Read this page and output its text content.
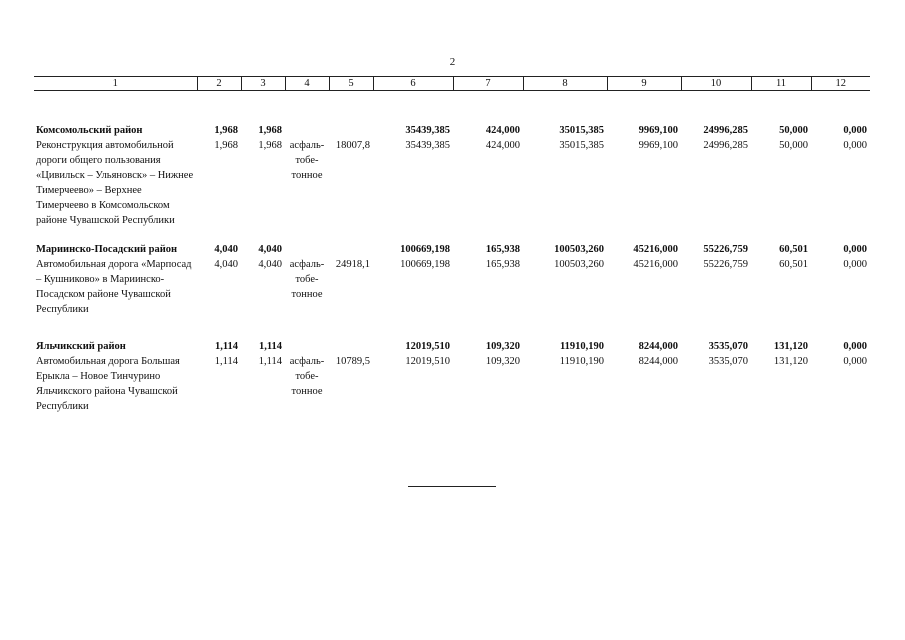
2
1	2	3	4	5	6	7	8	9	10	11	12

Комсомольский район	1,968	1,968			35439,385	424,000	35015,385	9969,100	24996,285	50,000	0,000
Реконструкция автомобильной дороги общего пользования «Цивильск – Ульяновск» – Нижнее Тимерчеево» – Верхнее Тимерчеево в Комсомольском районе Чувашской Республики	1,968	1,968	асфаль-тобе-тонное	18007,8	35439,385	424,000	35015,385	9969,100	24996,285	50,000	0,000

Мариинско-Посадский район	4,040	4,040			100669,198	165,938	100503,260	45216,000	55226,759	60,501	0,000
Автомобильная дорога «Марпосад – Кушниково» в Мариинско-Посадском районе Чувашской Республики	4,040	4,040	асфаль-тобе-тонное	24918,1	100669,198	165,938	100503,260	45216,000	55226,759	60,501	0,000

Яльчикский район	1,114	1,114			12019,510	109,320	11910,190	8244,000	3535,070	131,120	0,000
Автомобильная дорога Большая Ерыкла – Новое Тинчурино Яльчикского района Чувашской Республики	1,114	1,114	асфаль-тобе-тонное	10789,5	12019,510	109,320	11910,190	8244,000	3535,070	131,120	0,000
